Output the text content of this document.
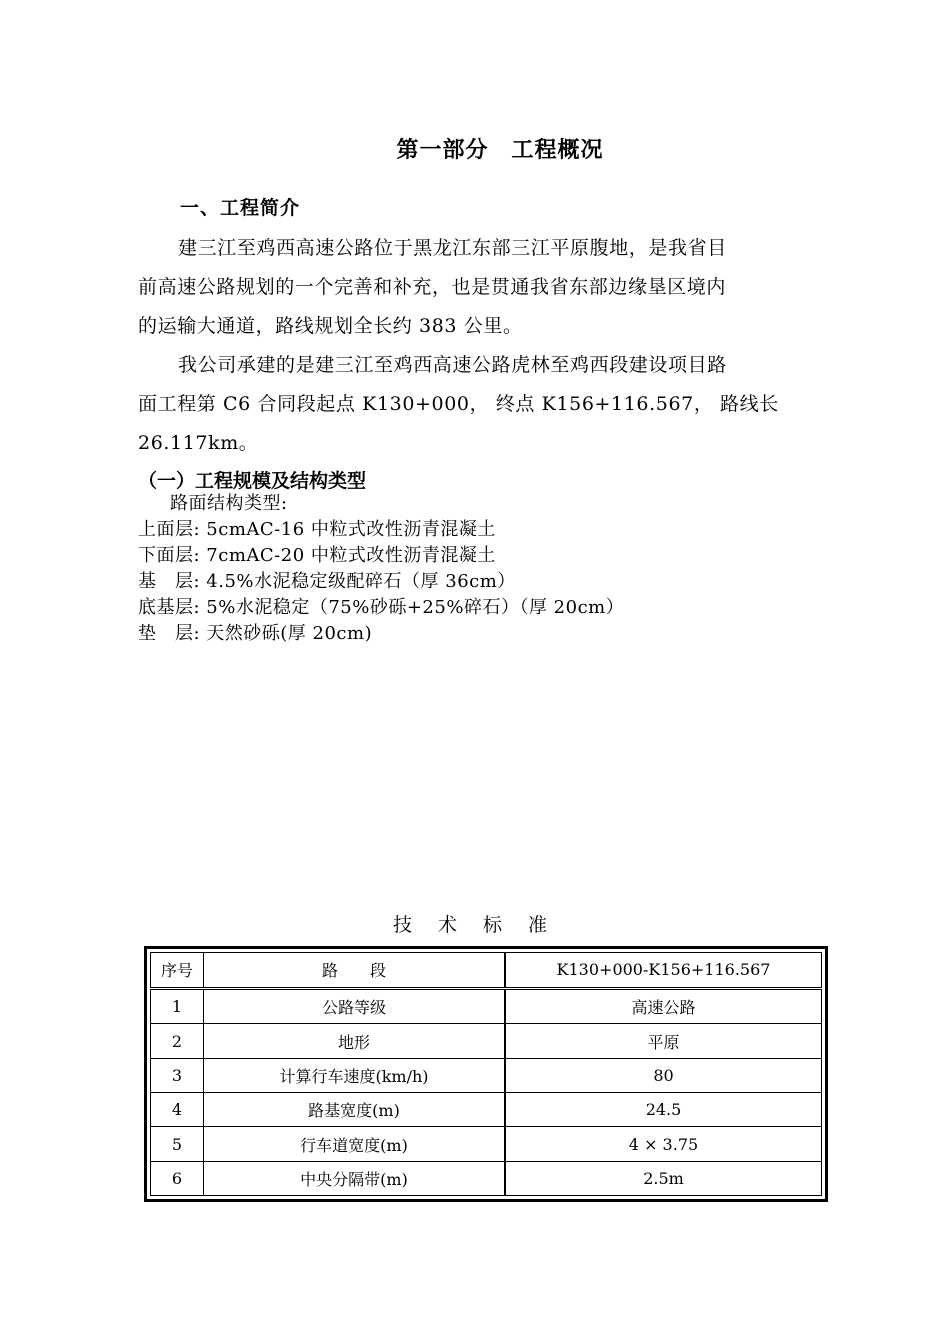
第一部分　工程概况
一、工程简介
建三江至鸡西高速公路位于黑龙江东部三江平原腹地，是我省目
前高速公路规划的一个完善和补充，也是贯通我省东部边缘垦区境内
的运输大通道，路线规划全长约 383 公里。
我公司承建的是建三江至鸡西高速公路虎林至鸡西段建设项目路
面工程第 C6 合同段起点 K130+000， 终点 K156+116.567， 路线长
26.117km。
（一）工程规模及结构类型
路面结构类型:
上面层: 5cmAC-16 中粒式改性沥青混凝土
下面层: 7cmAC-20 中粒式改性沥青混凝土
基　层: 4.5%水泥稳定级配碎石（厚 36cm）
底基层: 5%水泥稳定（75%砂砾+25%碎石）（厚 20cm）
垫　层: 天然砂砾(厚 20cm)
技 术 标 准
序号	路　　段	K130+000-K156+116.567
1	公路等级	高速公路
2	地形	平原
3	计算行车速度(km/h)	80
4	路基宽度(m)	24.5
5	行车道宽度(m)	4 × 3.75
6	中央分隔带(m)	2.5m
